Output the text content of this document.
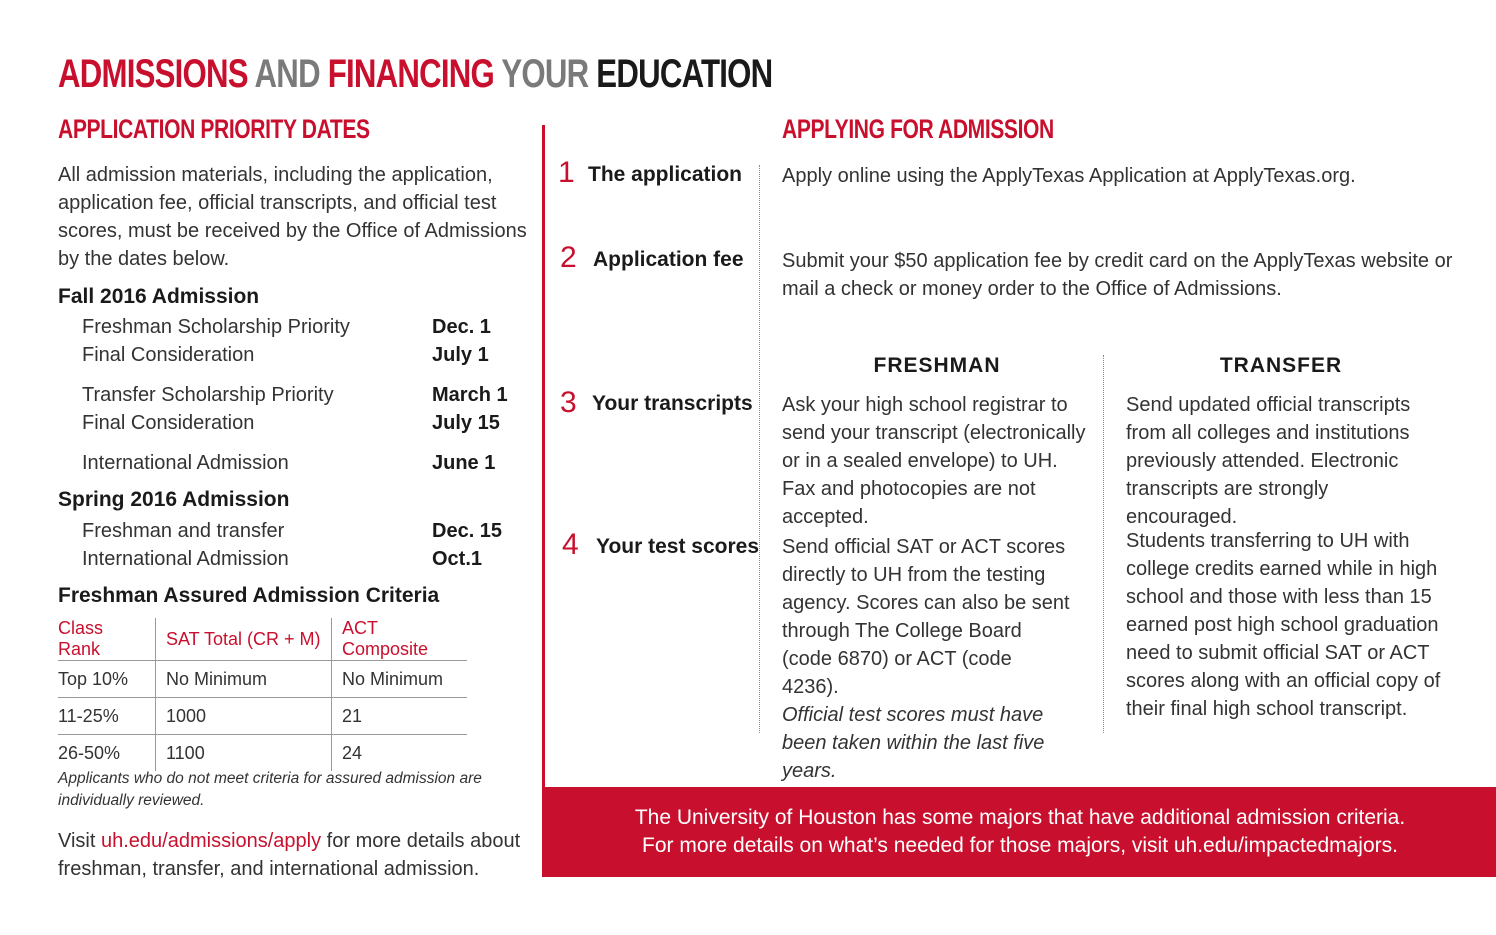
ADMISSIONS AND FINANCING YOUR EDUCATION
APPLICATION PRIORITY DATES
All admission materials, including the application, application fee, official transcripts, and official test scores, must be received by the Office of Admissions by the dates below.
Fall 2016 Admission
Freshman Scholarship Priority	Dec. 1
Final Consideration	July 1
Transfer Scholarship Priority	March 1
Final Consideration	July 15
International Admission	June 1
Spring 2016 Admission
Freshman and transfer	Dec. 15
International Admission	Oct.1
Freshman Assured Admission Criteria
Class Rank	SAT Total (CR + M)	ACT Composite
Top 10%	No Minimum	No Minimum
11-25%	1000	21
26-50%	1100	24
Applicants who do not meet criteria for assured admission are individually reviewed.
Visit uh.edu/admissions/apply for more details about freshman, transfer, and international admission.
APPLYING FOR ADMISSION
1 The application Apply online using the ApplyTexas Application at ApplyTexas.org.
2 Application fee Submit your $50 application fee by credit card on the ApplyTexas website or mail a check or money order to the Office of Admissions.
FRESHMAN	TRANSFER
3 Your transcripts Ask your high school registrar to send your transcript (electronically or in a sealed envelope) to UH. Fax and photocopies are not accepted.
Send updated official transcripts from all colleges and institutions previously attended. Electronic transcripts are strongly encouraged.
4 Your test scores Send official SAT or ACT scores directly to UH from the testing agency. Scores can also be sent through The College Board (code 6870) or ACT (code 4236).
Official test scores must have been taken within the last five years.
Students transferring to UH with college credits earned while in high school and those with less than 15 earned post high school graduation need to submit official SAT or ACT scores along with an official copy of their final high school transcript.
The University of Houston has some majors that have additional admission criteria.
For more details on what’s needed for those majors, visit uh.edu/impactedmajors.
